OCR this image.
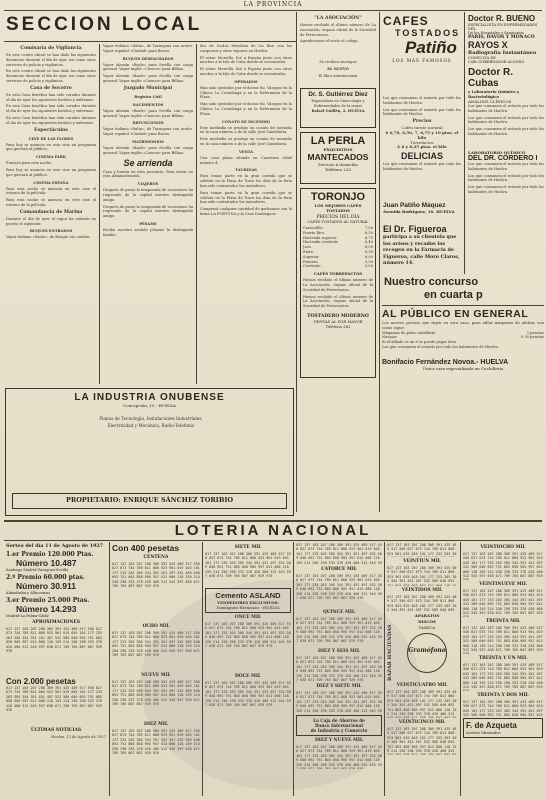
LA PROVINCIA
SECCION LOCAL
Comisaría de Vigilancia

En este centro oficial se han dado las siguientes denuncias durante el día de ayer, así como otros servicios de policía y vigilancia.

En este centro oficial se han dado las siguientes denuncias durante el día de ayer, así como otros servicios de policía y vigilancia.

Casa de Socorro

En esta Casa benéfica han sido curados durante el día de ayer los siguientes heridos y enfermos.

En esta Casa benéfica han sido curados durante el día de ayer los siguientes heridos y enfermos.

En esta Casa benéfica han sido curados durante el día de ayer los siguientes heridos y enfermos.

Espectáculos
CINE DE LAS FLORES

Para hoy se anuncia en este cine un programa que gustará al público.

CINEMA PARK

Función para esta noche.

Para hoy se anuncia en este cine un programa que gustará al público.

CINEMA ESPAÑA

Para esta noche se anuncia en este cine el estreno de la película.

Para esta noche se anuncia en este cine el estreno de la película.

Comandancia de Marina

Durante el día de ayer el vapor ha entrado en puerto el siguiente:

BUQUES ENTRADOS

Vapor italiano «Sante», de Bougie con carbón.

Vapor italiano «Italia», de Tarragona con aceite. Vapor español «Ciudad» para Buceo.

BUQUES DESPACHADOS

Vapor alemán «Basle» para Sevilla con carga general. Vapor inglés «Cuenca» para Bilbao.

Vapor alemán «Basle» para Sevilla con carga general. Vapor inglés «Cuenca» para Bilbao.

Juzgado Municipal
Registro Civil
NACIMIENTOS

Vapor alemán «Basle» para Sevilla con carga general. Vapor inglés «Cuenca» para Bilbao.

DEFUNCIONES

Vapor italiano «Italia», de Tarragona con aceite. Vapor español «Ciudad» para Buceo.

MATRIMONIOS

Vapor alemán «Basle» para Sevilla con carga general. Vapor inglés «Cuenca» para Bilbao.

Se arrienda

Casa y huerta en esta provincia. Para tratar en esta Administración.

VIAJEROS

Después de pasar la temporada de vacaciones ha regresado de la capital nuestro distinguido amigo.

Después de pasar la temporada de vacaciones ha regresado de la capital nuestro distinguido amigo.

PÉSAME

Reciba nuestro sentido pésame la distinguida familia.

dos de Carlos Mendoza de los Ríos con los cargueros y otros vapores en Huelva.

El señor Moreilla, fué a España junto con otros muchos a la Isla de Cuba donde se encontraba.

El señor Moreilla, fué a España junto con otros muchos a la Isla de Cuba donde se encontraba.

OPERADOS

Han sido operados por el doctor Bo. Vázquez en la Clínica La Covadonga y en la Enfermería de la Plaza.

Han sido operados por el doctor Bo. Vázquez en la Clínica La Covadonga y en la Enfermería de la Plaza.

CONATO DE INCENDIO

Este mediodía se produjo un conato de incendio en la casa número a de la calle José Candelaria.

Este mediodía se produjo un conato de incendio en la casa número a de la calle José Candelaria.

VENTA

Una casa plana situada en Carretera Odiel número 4.

TAURINAS

Para tomar parte en la gran corrida que se celebra en la Plaza de Toros los días de la feria han sido contratados los matadores.

Para tomar parte en la gran corrida que se celebra en la Plaza de Toros los días de la feria han sido contratados los matadores.

Comprará cualquier cantidad de garbanzos con la firma LA FORTUNA y la Casa Domínguez.

LA INDUSTRIA ONUBENSE
Concepción, 10 - HUELVA
Planos de Tecnología, Instalaciones Industriales, Electricidad y Mecánica, Radio-Telefonía
PROPIETARIO: ENRIQUE SÁNCHEZ TORIBIO
"LA ASOCIACIÓN"

Hemos recibido el último número de La Asociación, órgano oficial de la Sociedad de Ferroviarios.

Agradecemos el envío al colega.

Se reciben encargos

EL NUEVO

El libro internacional

Dr. S. Gutiérrez Díez
Especialista en Ginecología y Enfermedades de la mujer
Rafael Guillén, 2. HUELVA
LA PERLA
EXQUISITOS
MANTECADOS
Servicio á domicilio
Teléfono 233
TORONJO
LOS MEJORES CAFÉS TOSTADOS
PRECIOS DEL DÍA
CAFÉS TOSTADOS AL NATURAL
Caracolillo	7,00
Puerto Rico	6,50
Hacienda superior	6,75
Hacienda corriente	6,40
Java	6,50
Extra	6,50
Superior	6,00
Primera	5,50
Corriente	5,00
CAFÉS TORREFACTOS

Hemos recibido el último número de La Asociación, órgano oficial de la Sociedad de Ferroviarios.

Hemos recibido el último número de La Asociación, órgano oficial de la Sociedad de Ferroviarios.

TOSTADERO MODERNO
VENTAS AL POR MAYOR
Teléfono 262
CAFES
TOSTADOS
Patiño
LOS MÁS FAMOSOS

Los que consumen el señorío por todo los habitantes de Huelva.

Los que consumen el señorío por todo los habitantes de Huelva.

Precios
Cafés tueste natural
$ 6,70, 6,50, 7, 6,75 y 10 ptas. el kilo
Torrefactos
$ 6 y 6,25 ptas. el kilo
DELICIAS

Los que consumen el señorío por todo los habitantes de Huelva.

Juan Patiño Máquez
Avenida Rodríguez, 16. HUELVA
El Dr. Figueroa
participa a su clientela que los avisos y recados los recogen en la Farmacia de Figueroa, calle Moro Claros, número 14.
Doctor R. BUENO
ESPECIALISTA EN ENFERMEDADES DEL
De los Hospitales y Sanatorios
PARÍS, DAVOS Y MÓNACO
RAYOS X
Radiografía Instantánea
CONSULTA DE
Calle GOBERNADOR ALONSO
Doctor R. Cubas
y Laboratorio Químico y Bacteriológico
ANÁLISIS CLÍNICOS

Los que consumen el señorío por todo los habitantes de Huelva.

Los que consumen el señorío por todo los habitantes de Huelva.

Los que consumen el señorío por todo los habitantes de Huelva.

LABORATORIO QUÍMICO
DEL DR. CORDERO I

Los que consumen el señorío por todo los habitantes de Huelva.

Los que consumen el señorío por todo los habitantes de Huelva.

Los que consumen el señorío por todo los habitantes de Huelva.

Nuestro concurso
en cuarta p
AL PÚBLICO EN GENERAL
Los nuevos precios que rigen en esta casa, para afilar máquinas de afeitar, son como sigue:
Máquinas de pelar caballería	2 pesetas
Navajas	0,50 pesetas
Si el afilado es un 6 se puede pagar bien

Los que consumen el señorío por todo los habitantes de Huelva.

Bonifacio Fernández Novoa.- HUELVA
Única casa especializada en Cuchillería
LOTERIA NACIONAL
Sorteo del día 11 de Agosto de 1927
1.er Premio 120.000 Ptas.
Número 10.487
Santiago Madrid-Zaragoza-Sevilla
2.º Premio 60.000 ptas.
Número 30.911
Almadraba y Alhucemas
3.er Premio 25.000 Ptas.
Número 14.293
Madrid-La Palma-Cádiz
APROXIMACIONES
017 137 163 207 288 309 391 425 489 517 556 627 673 744 789 811 860 923 961 019 045 101 177 233 263 305 344 391 451 497 532 589 640 692 751 803 858 905 957 012 066 118 159 214 250 298 333 378 420 460 512 545 597 638 671 709 765 807 867 929 976
Con 2.000 pesetas
017 137 163 207 288 309 391 425 489 517 556 627 673 744 789 811 860 923 961 019 045 101 177 233 263 305 344 391 451 497 532 589 640 692 751 803 858 905 957 012 066 118 159 214 250 298 333 378 420 460 512 545 597 638 671 709 765 807 867 929 976
ÚLTIMAS NOTICIAS
Huelva, 12 de Agosto de 1927
Con 400 pesetas
CENTENA
017 137 163 207 288 309 391 425 489 517 556 627 673 744 789 811 860 923 961 019 045 101 177 233 263 305 344 391 451 497 532 589 640 692 751 803 858 905 957 012 066 118 159 214 250 298 333 378 420 460 512 545 597 638 671 709 765 807 867 929 976
OCHO MIL
017 137 163 207 288 309 391 425 489 517 556 627 673 744 789 811 860 923 961 019 045 101 177 233 263 305 344 391 451 497 532 589 640 692 751 803 858 905 957 012 066 118 159 214 250 298 333 378 420 460 512 545 597 638 671 709 765 807 867 929 976
NUEVE MIL
017 137 163 207 288 309 391 425 489 517 556 627 673 744 789 811 860 923 961 019 045 101 177 233 263 305 344 391 451 497 532 589 640 692 751 803 858 905 957 012 066 118 159 214 250 298 333 378 420 460 512 545 597 638 671 709 765 807 867 929 976
DIEZ MIL
017 137 163 207 288 309 391 425 489 517 556 627 673 744 789 811 860 923 961 019 045 101 177 233 263 305 344 391 451 497 532 589 640 692 751 803 858 905 957 012 066 118 159 214 250 298 333 378 420 460 512 545 597 638 671 709 765 807 867 929 976
SIETE MIL
017 137 163 207 288 309 391 425 489 517 556 627 673 744 789 811 860 923 961 019 045 101 177 233 263 305 344 391 451 497 532 589 640 692 751 803 858 905 957 012 066 118 159 214 250 298 333 378 420 460 512 545 597 638 671 709 765 807 867 929 976
Cemento ASLAND
VENDEDORES EXCLUSIVOS:
Domínguez Hermanos - HUELVA
ONCE MIL
017 137 163 207 288 309 391 425 489 517 556 627 673 744 789 811 860 923 961 019 045 101 177 233 263 305 344 391 451 497 532 589 640 692 751 803 858 905 957 012 066 118 159 214 250 298 333 378 420 460 512 545 597 638 671 709 765 807 867 929 976
DOCE MIL
017 137 163 207 288 309 391 425 489 517 556 627 673 744 789 811 860 923 961 019 045 101 177 233 263 305 344 391 451 497 532 589 640 692 751 803 858 905 957 012 066 118 159 214 250 298 333 378 420 460 512 545 597 638 671 709 765 807 867 929 976
017 137 163 207 288 309 391 425 489 517 556 627 673 744 789 811 860 923 961 019 045 101 177 233 263 305 344 391 451 497 532 589 640 692 751 803 858 905 957 012 066 118 159 214 250 298 333 378 420 460 512 545 59
CATORCE MIL
017 137 163 207 288 309 391 425 489 517 556 627 673 744 789 811 860 923 961 019 045 101 177 233 263 305 344 391 451 497 532 589 640 692 751 803 858 905 957 012 066 118 159 214 250 298 333 378 420 460 512 545 597 638 671 709 765 807 867 929 976
QUINCE MIL
017 137 163 207 288 309 391 425 489 517 556 627 673 744 789 811 860 923 961 019 045 101 177 233 263 305 344 391 451 497 532 589 640 692 751 803 858 905 957 012 066 118 159 214 250 298 333 378 420 460 512 545 597 638 671 709 765 807 867 929 976
DIEZ Y SEIS MIL
017 137 163 207 288 309 391 425 489 517 556 627 673 744 789 811 860 923 961 019 045 101 177 233 263 305 344 391 451 497 532 589 640 692 751 803 858 905 957 012 066 118 159 214 250 298 333 378 420 460 512 545 597 638 671 709 765 807 867 929 976
DIEZ Y SIETE MIL
017 137 163 207 288 309 391 425 489 517 556 627 673 744 789 811 860 923 961 019 045 101 177 233 263 305 344 391 451 497 532 589 640 692 751 803 858 905 957 012 066 118 159 214 250 298 333 378 420 460 512 545 59
La Caja de Ahorros de
Banco Internacional
de Industria y Comercio
DIEZ Y NUEVE MIL
017 137 163 207 288 309 391 425 489 517 556 627 673 744 789 811 860 923 961 019 045 101 177 233 263 305 344 391 451 497 532 589 640 692 751 803 858 905 957 012 066 118 159 214 250 298 333 378 420 460 512 545 59
017 137 163 207 288 309 391 425 489 517 556 627 673 744 789 811 860 923 961 019 045 101 177 233 263 30
VEINTIUN MIL
017 137 163 207 288 309 391 425 489 517 556 627 673 744 789 811 860 923 961 019 045 101 177 233 263 305 344 391 451 497 532 589 640 692 751 803 858 905 957 012 066 118 15
VEINTIDOS MIL
017 137 163 207 288 309 391 425 489 517 556 627 673 744 789 811 860 923 961 019 045 101 177 233 263 305 344 391 451 497 532 589 640 692
BAZAR HACIENDAS
APARATOS
DISCOS
MARCA
Gramófono
VEINTICUATRO MIL
017 137 163 207 288 309 391 425 489 517 556 627 673 744 789 811 860 923 961 019 045 101 177 233 263 305 344 391 451 497 532 589 640 692 751 803 858 905 957 012 066 118 159 214 250 298 333 378 420 460 512
VEINTICINCO MIL
017 137 163 207 288 309 391 425 489 517 556 627 673 744 789 811 860 923 961 019 045 101 177 233 263 305 344 391 451 497 532 589 640 692 751 803 858 905 957 012 066 118 159 214 250 298 333 378 420 460 512
VEINTIOCHO MIL
017 137 163 207 288 309 391 425 489 517 556 627 673 744 789 811 860 923 961 019 045 101 177 233 263 305 344 391 451 497 532 589 640 692 751 803 858 905 957 012 066 118 159 214 250 298 333 378 420 460 512 545 597 638 671 709 765 807 867 929
VEINTINUEVE MIL
017 137 163 207 288 309 391 425 489 517 556 627 673 744 789 811 860 923 961 019 045 101 177 233 263 305 344 391 451 497 532 589 640 692 751 803 858 905 957 012 066 118 159 214 250 298 333 378 420 460 512 545 597 638 671 709 765 807 867 929
TREINTA MIL
017 137 163 207 288 309 391 425 489 517 556 627 673 744 789 811 860 923 961 019 045 101 177 233 263 305 344 391 451 497 532 589 640 692 751 803 858 905 957 012 066 118 159 214 250 298 333 378 420 460 512 545 597 638 671 709 765 807 867 929
TREINTA Y UN MIL
017 137 163 207 288 309 391 425 489 517 556 627 673 744 789 811 860 923 961 019 045 101 177 233 263 305 344 391 451 497 532 589 640 692 751 803 858 905 957 012 066 118 159 214 250 298 333 378 420 460 512 545 597 638 671 709 765 807 867 929
TREINTA Y DOS MIL
017 137 163 207 288 309 391 425 489 517 556 627 673 744 789 811 860 923 961 019 045 101 177 233 263 305 344 391 451 497 532 589 640 692 751 803 858 905 957 012
F. de Azqueta
Aceites Minerales
